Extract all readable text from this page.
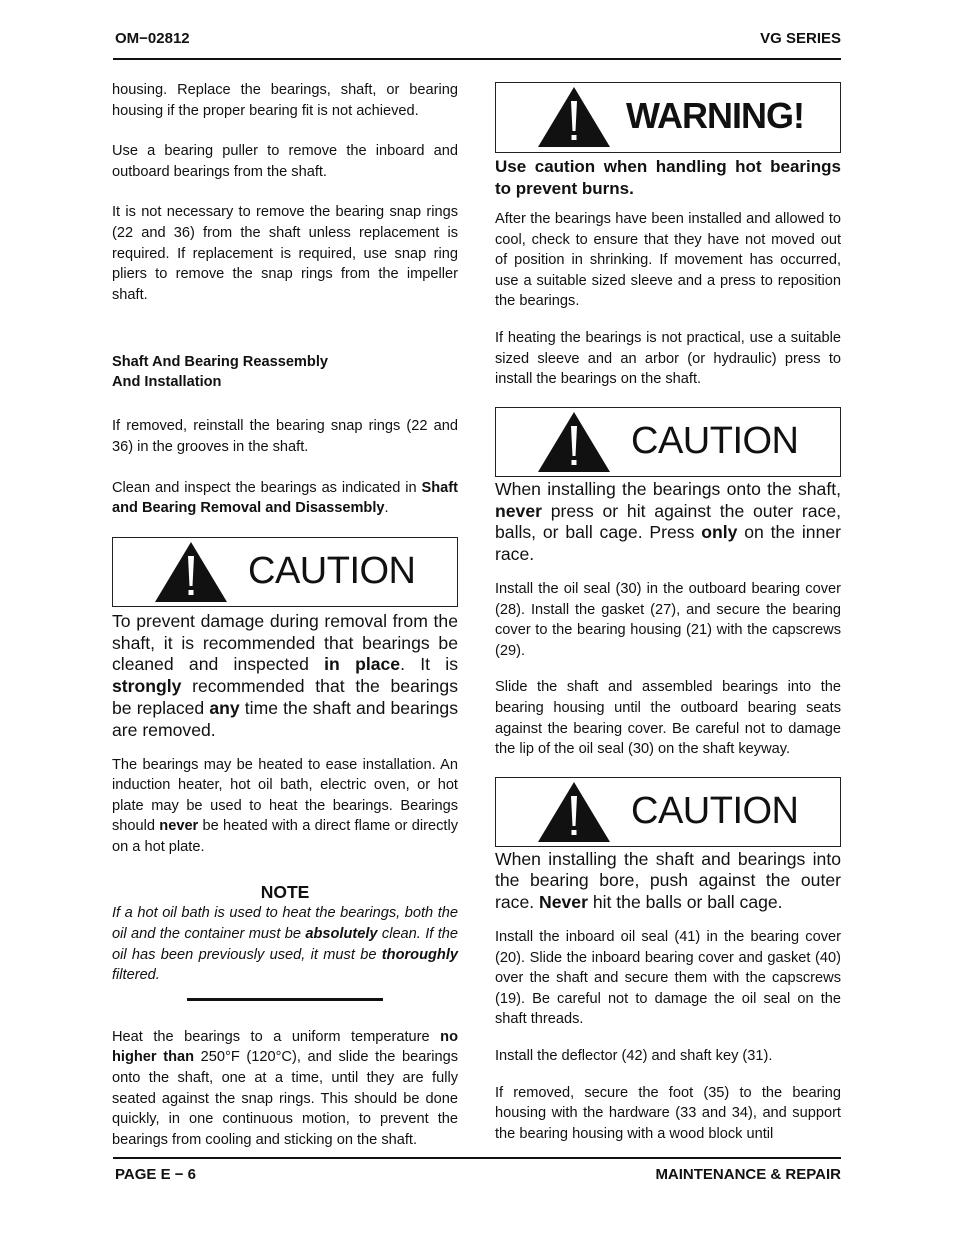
OM−02812	VG SERIES

housing. Replace the bearings, shaft, or bearing housing if the proper bearing fit is not achieved.

Use a bearing puller to remove the inboard and outboard bearings from the shaft.

It is not necessary to remove the bearing snap rings (22 and 36) from the shaft unless replacement is required. If replacement is required, use snap ring pliers to remove the snap rings from the impeller shaft.

Shaft And Bearing Reassembly
And Installation

If removed, reinstall the bearing snap rings (22 and 36) in the grooves in the shaft.

Clean and inspect the bearings as indicated in Shaft and Bearing Removal and Disassembly.

CAUTION

To prevent damage during removal from the shaft, it is recommended that bearings be cleaned and inspected in place. It is strongly recommended that the bearings be replaced any time the shaft and bearings are removed.

The bearings may be heated to ease installation. An induction heater, hot oil bath, electric oven, or hot plate may be used to heat the bearings. Bearings should never be heated with a direct flame or directly on a hot plate.

NOTE

If a hot oil bath is used to heat the bearings, both the oil and the container must be absolutely clean. If the oil has been previously used, it must be thoroughly filtered.

Heat the bearings to a uniform temperature no higher than 250°F (120°C), and slide the bearings onto the shaft, one at a time, until they are fully seated against the snap rings. This should be done quickly, in one continuous motion, to prevent the bearings from cooling and sticking on the shaft.

WARNING!

Use caution when handling hot bearings to prevent burns.

After the bearings have been installed and allowed to cool, check to ensure that they have not moved out of position in shrinking. If movement has occurred, use a suitable sized sleeve and a press to reposition the bearings.

If heating the bearings is not practical, use a suitable sized sleeve and an arbor (or hydraulic) press to install the bearings on the shaft.

CAUTION

When installing the bearings onto the shaft, never press or hit against the outer race, balls, or ball cage. Press only on the inner race.

Install the oil seal (30) in the outboard bearing cover (28). Install the gasket (27), and secure the bearing cover to the bearing housing (21) with the capscrews (29).

Slide the shaft and assembled bearings into the bearing housing until the outboard bearing seats against the bearing cover. Be careful not to damage the lip of the oil seal (30) on the shaft keyway.

CAUTION

When installing the shaft and bearings into the bearing bore, push against the outer race. Never hit the balls or ball cage.

Install the inboard oil seal (41) in the bearing cover (20). Slide the inboard bearing cover and gasket (40) over the shaft and secure them with the capscrews (19). Be careful not to damage the oil seal on the shaft threads.

Install the deflector (42) and shaft key (31).

If removed, secure the foot (35) to the bearing housing with the hardware (33 and 34), and support the bearing housing with a wood block until

PAGE E − 6	MAINTENANCE & REPAIR
